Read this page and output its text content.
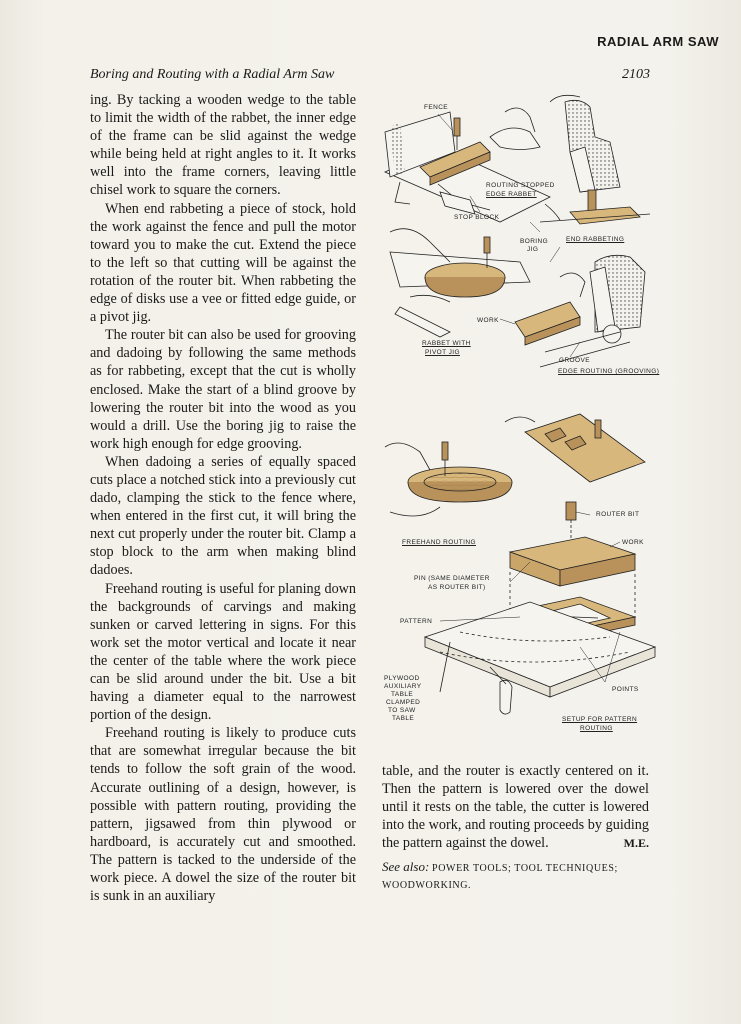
RADIAL ARM SAW
Boring and Routing with a Radial Arm Saw	2103

ing. By tacking a wooden wedge to the table to limit the width of the rabbet, the inner edge of the frame can be slid against the wedge while being held at right angles to it. It works well into the frame corners, leaving little chisel work to square the corners.

When end rabbeting a piece of stock, hold the work against the fence and pull the motor toward you to make the cut. Extend the piece to the left so that cutting will be against the rotation of the router bit. When rabbeting the edge of disks use a vee or fitted edge guide, or a pivot jig.

The router bit can also be used for grooving and dadoing by following the same methods as for rabbeting, except that the cut is wholly enclosed. Make the start of a blind groove by lowering the router bit into the wood as you would a drill. Use the boring jig to raise the work high enough for edge grooving.

When dadoing a series of equally spaced cuts place a notched stick into a previously cut dado, clamping the stick to the fence where, when entered in the first cut, it will bring the next cut properly under the router bit. Clamp a stop block to the arm when making blind dadoes.

Freehand routing is useful for planing down the backgrounds of carvings and making sunken or carved lettering in signs. For this work set the motor vertical and locate it near the center of the table where the work piece can be slid around under the bit. Use a bit having a diameter equal to the narrowest portion of the design.

Freehand routing is likely to produce cuts that are somewhat irregular because the bit tends to follow the soft grain of the wood. Accurate outlining of a design, however, is possible with pattern routing, providing the pattern, jigsawed from thin plywood or hardboard, is accurately cut and smoothed. The pattern is tacked to the underside of the work piece. A dowel the size of the router bit is sunk in an auxiliary

FENCE
ROUTING STOPPED
EDGE RABBET
STOP BLOCK
END RABBETING
BORING
JIG
WORK
RABBET WITH
PIVOT JIG
GROOVE
EDGE ROUTING (GROOVING)
FREEHAND ROUTING
ROUTER BIT
WORK
PIN (SAME DIAMETER
AS ROUTER BIT)
PATTERN
PLYWOOD
AUXILIARY
TABLE
CLAMPED
TO SAW
TABLE
POINTS
SETUP FOR PATTERN
ROUTING

table, and the router is exactly centered on it. Then the pattern is lowered over the dowel until it rests on the table, the cutter is lowered into the work, and routing proceeds by guiding the pattern against the dowel.	M.E.

See also: POWER TOOLS; TOOL TECHNIQUES; WOODWORKING.
